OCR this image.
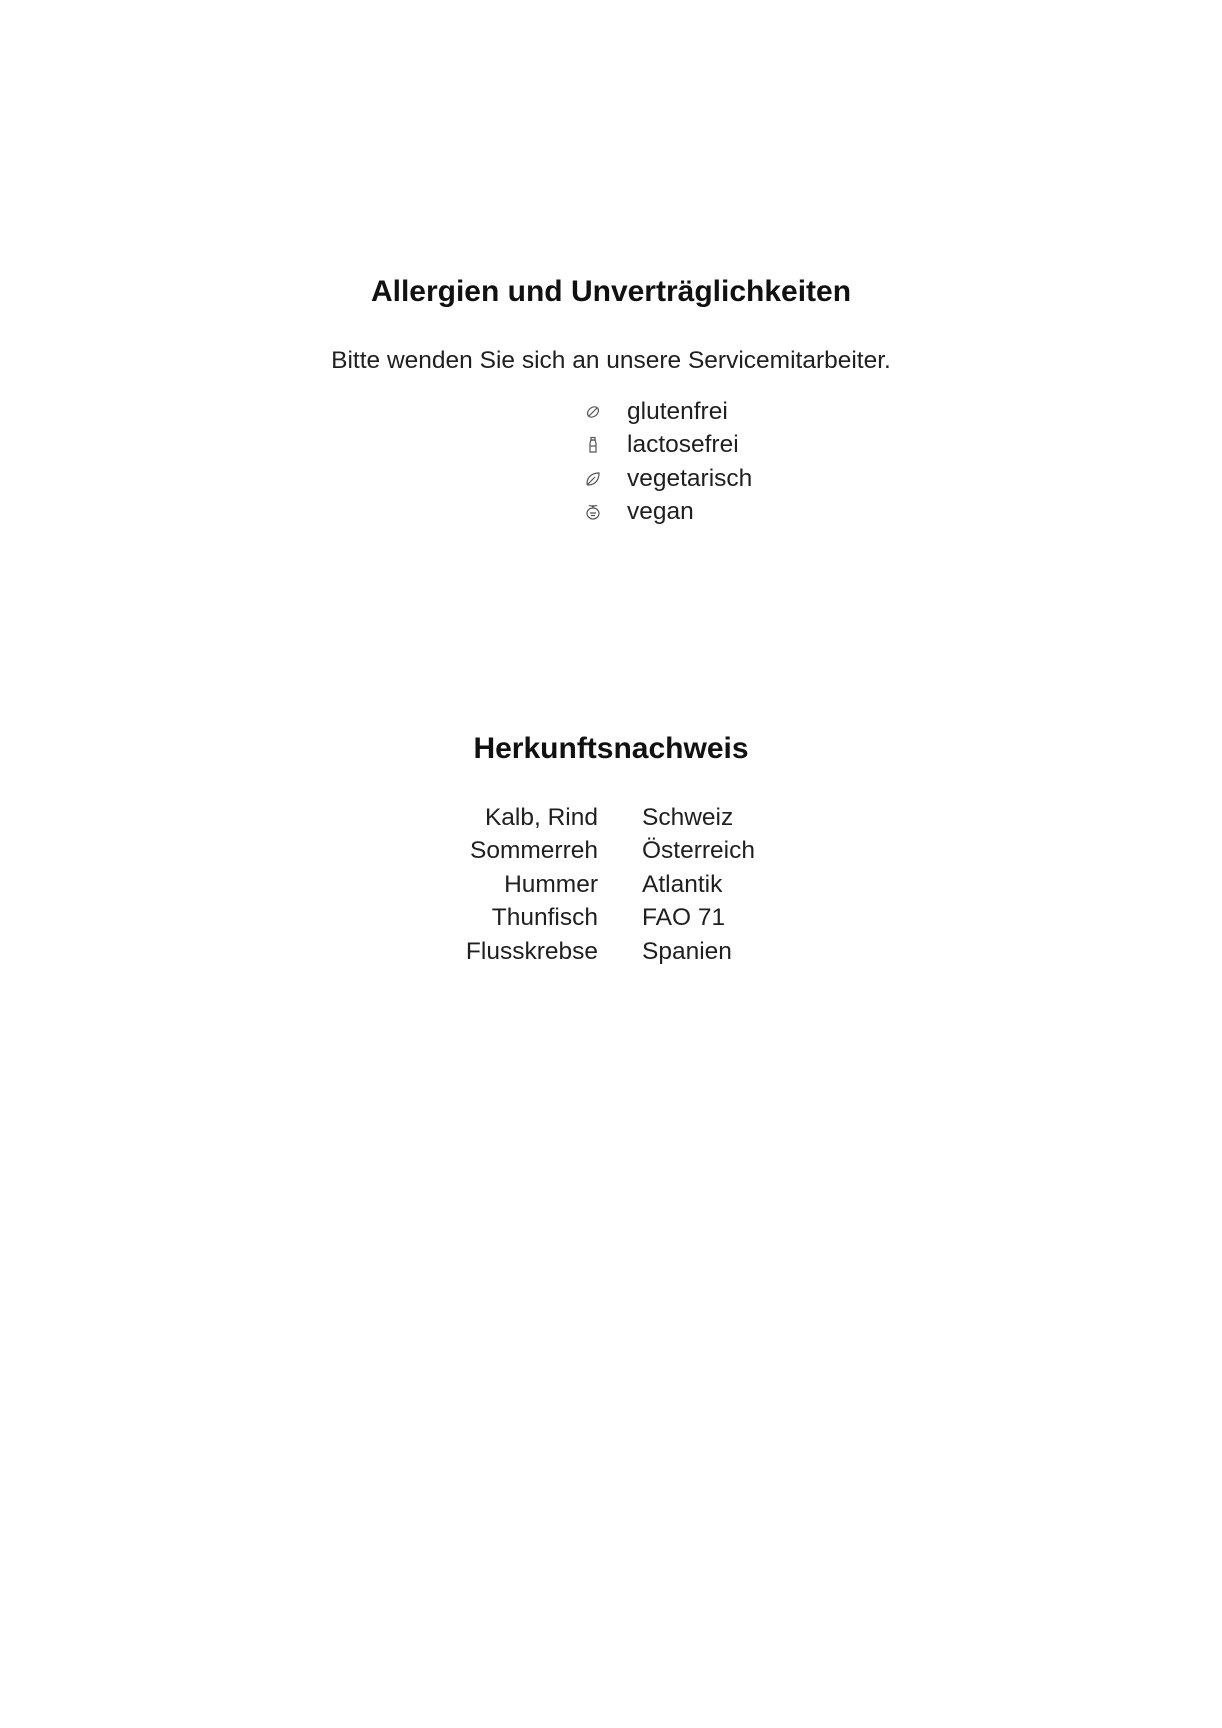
Allergien und Unverträglichkeiten
Bitte wenden Sie sich an unsere Servicemitarbeiter.
glutenfrei
lactosefrei
vegetarisch
vegan
Herkunftsnachweis
Kalb, Rind	Schweiz
Sommerreh	Österreich
Hummer	Atlantik
Thunfisch	FAO 71
Flusskrebse	Spanien
